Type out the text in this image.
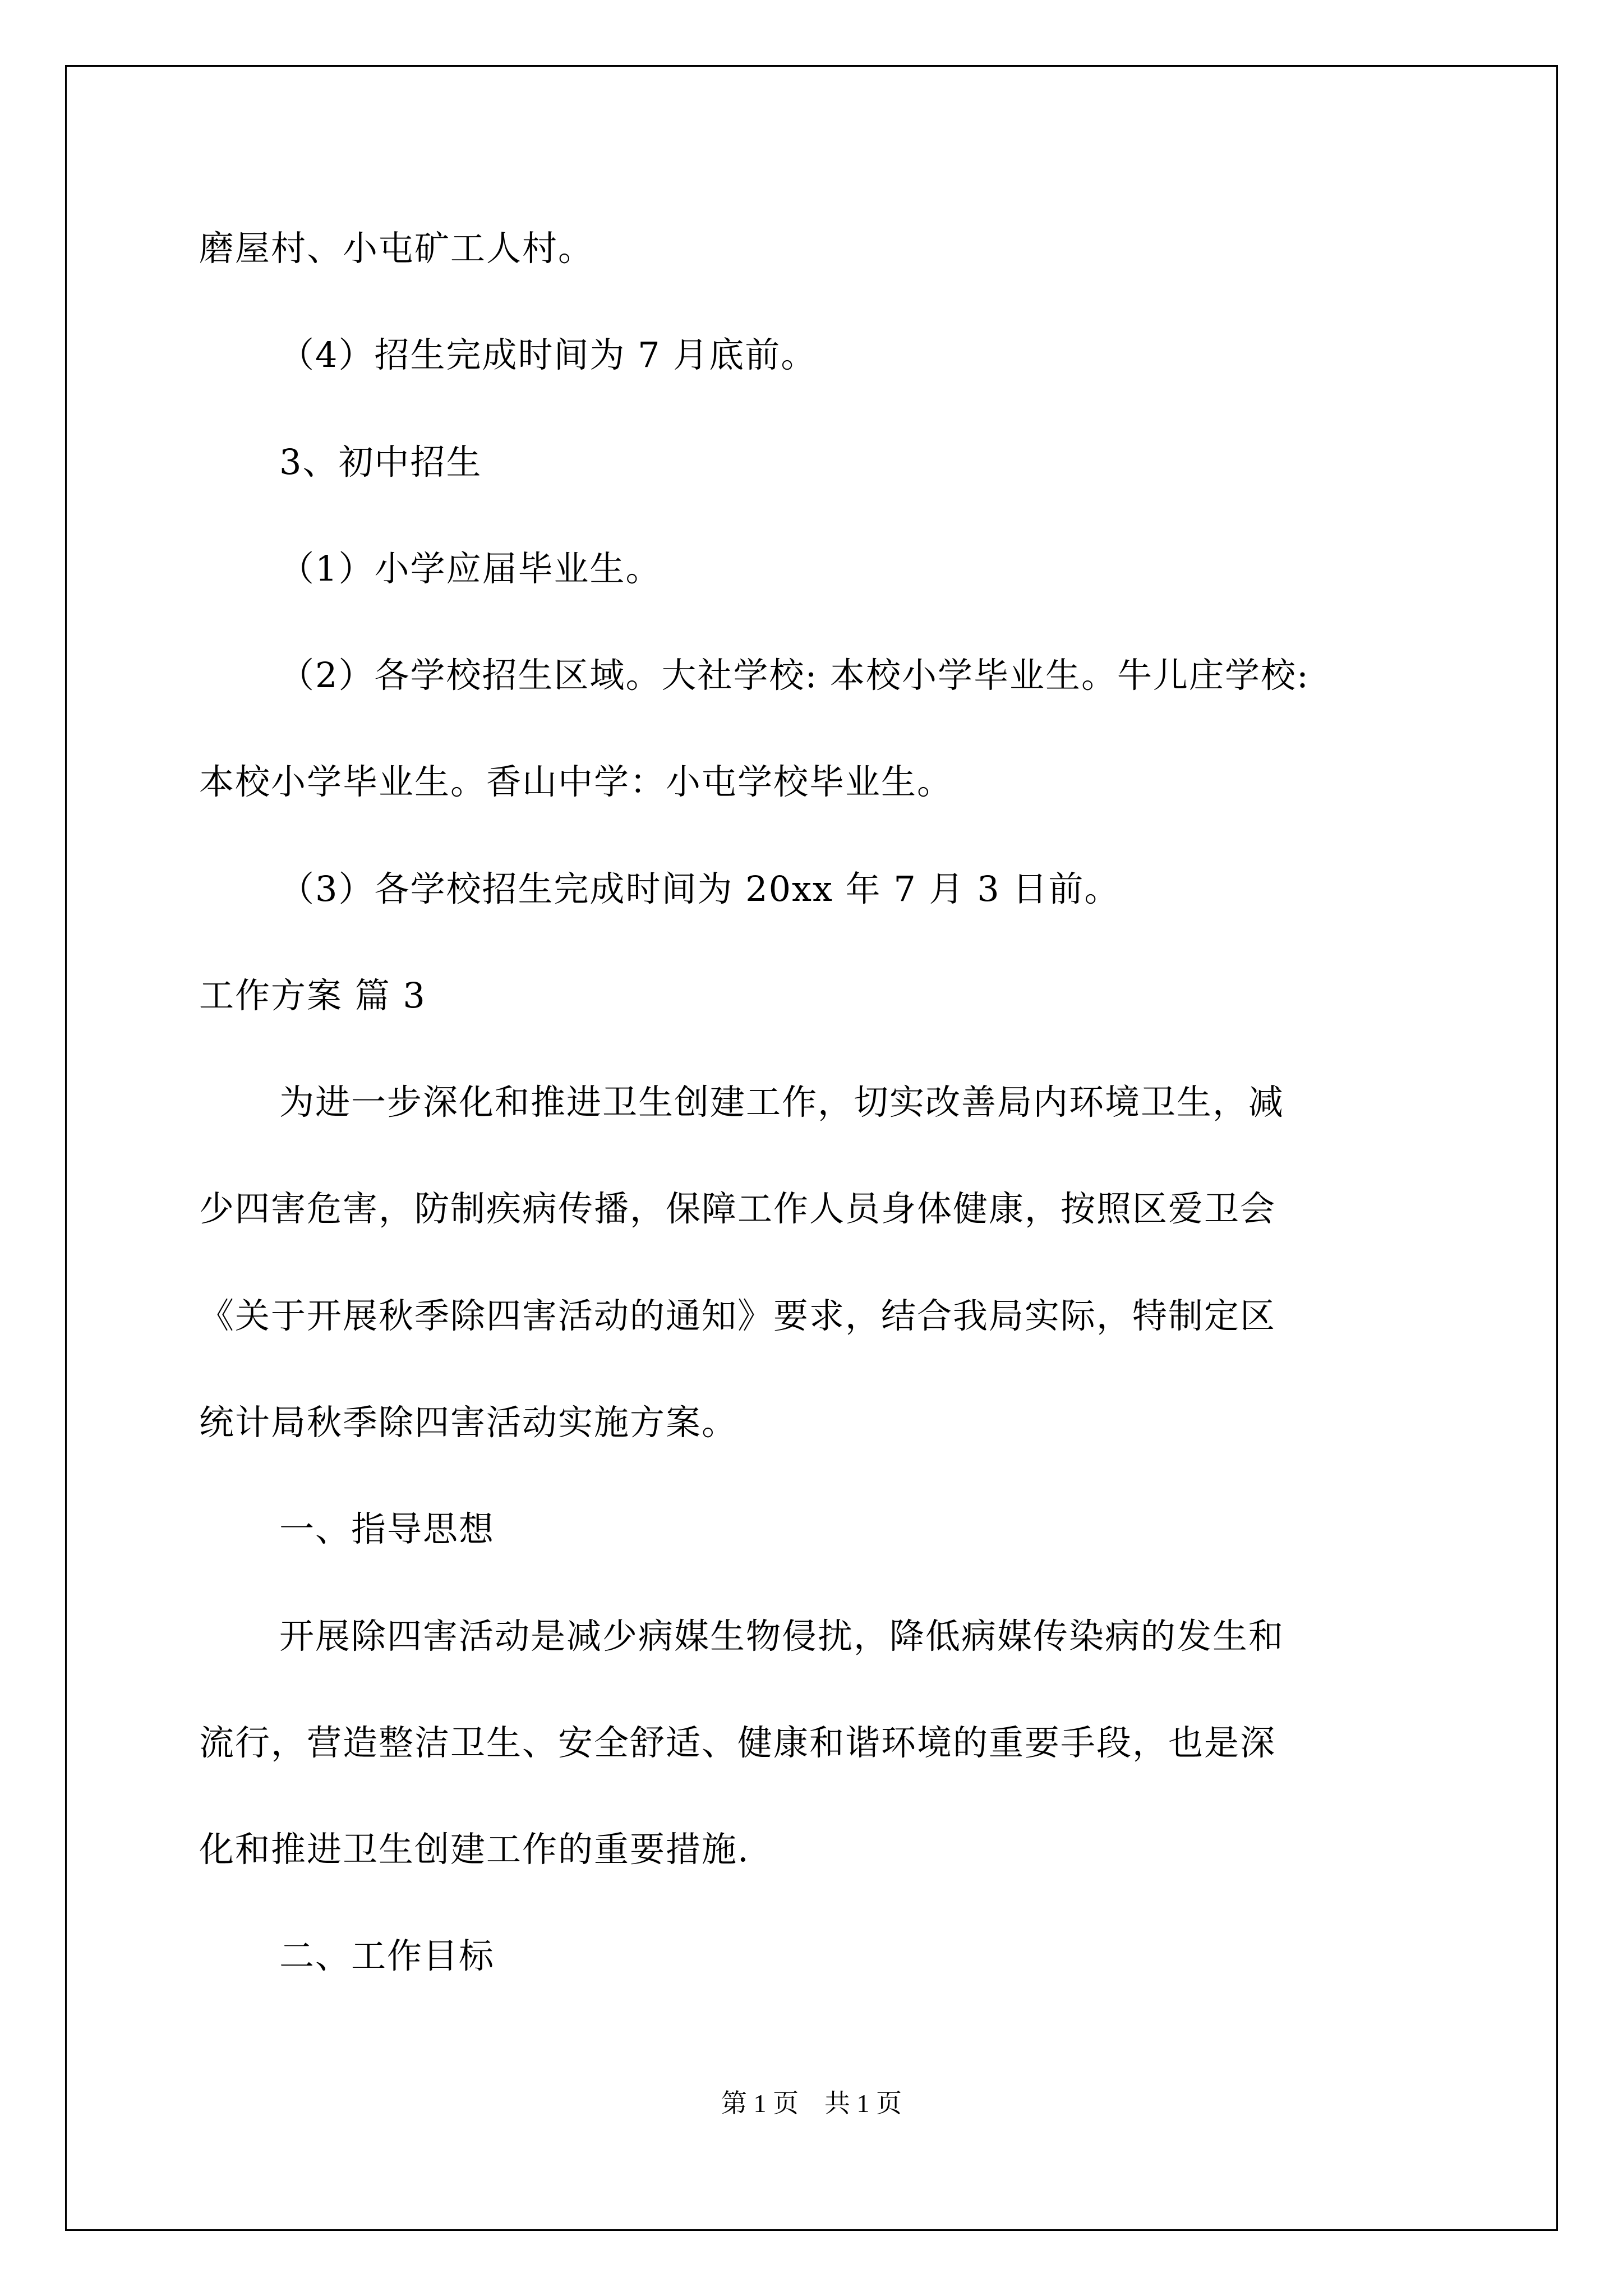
磨屋村、小屯矿工人村。
（4）招生完成时间为 7 月底前。
3、初中招生
（1）小学应届毕业生。
（2）各学校招生区域。大社学校: 本校小学毕业生。牛儿庄学校:
本校小学毕业生。香山中学：小屯学校毕业生。
（3）各学校招生完成时间为 20xx 年 7 月 3 日前。
工作方案 篇 3
为进一步深化和推进卫生创建工作，切实改善局内环境卫生，减
少四害危害，防制疾病传播，保障工作人员身体健康，按照区爱卫会
《关于开展秋季除四害活动的通知》要求，结合我局实际，特制定区
统计局秋季除四害活动实施方案。
一、指导思想
开展除四害活动是减少病媒生物侵扰，降低病媒传染病的发生和
流行，营造整洁卫生、安全舒适、健康和谐环境的重要手段，也是深
化和推进卫生创建工作的重要措施.
二、工作目标
第 1 页　共 1 页
